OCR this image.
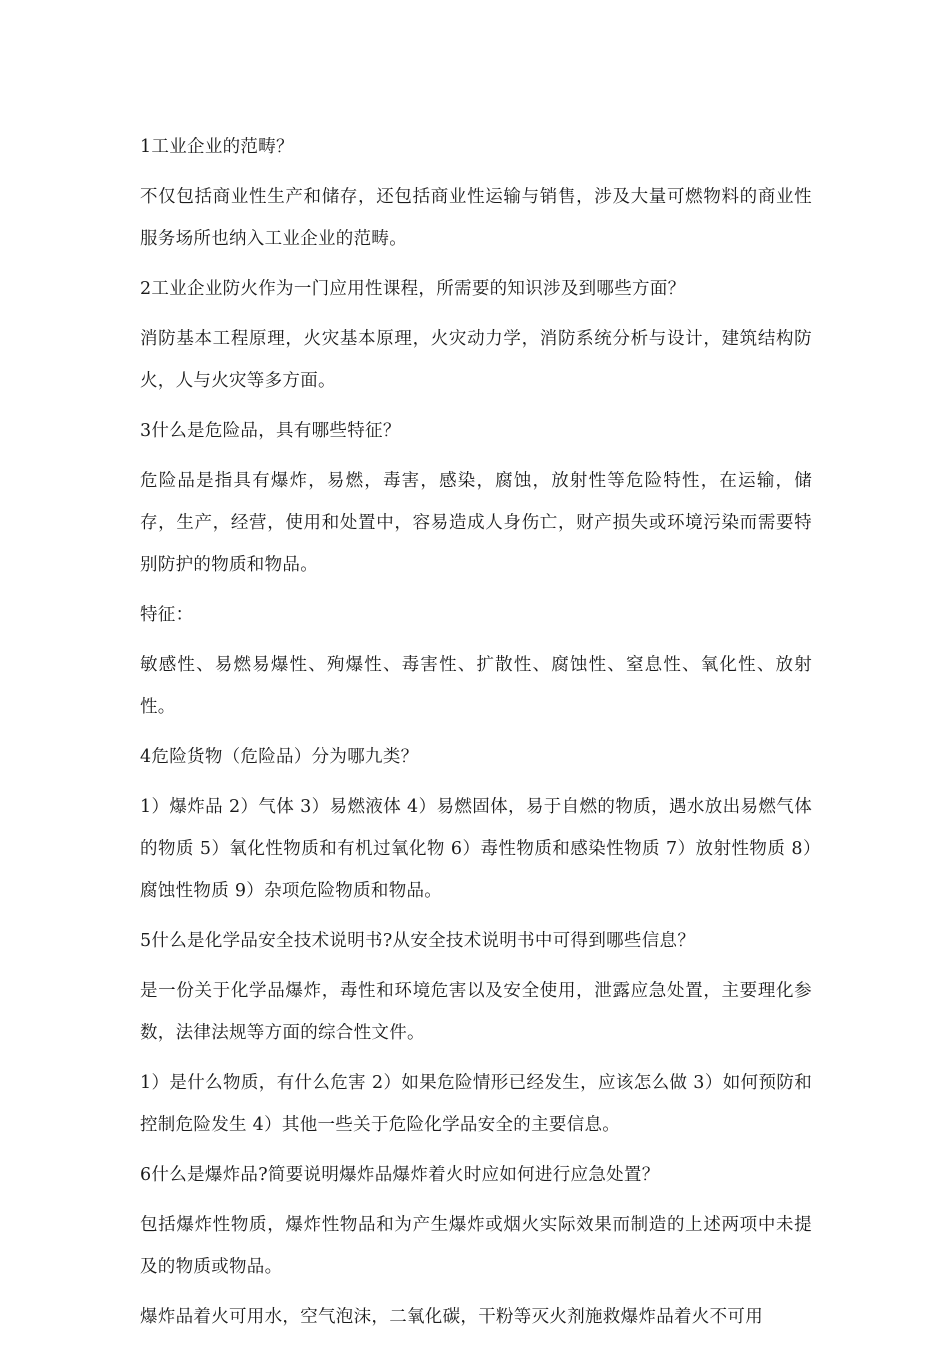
1工业企业的范畴？

不仅包括商业性生产和储存，还包括商业性运输与销售，涉及大量可燃物料的商业性服务场所也纳入工业企业的范畴。

2工业企业防火作为一门应用性课程，所需要的知识涉及到哪些方面？

消防基本工程原理，火灾基本原理，火灾动力学，消防系统分析与设计，建筑结构防火，人与火灾等多方面。

3什么是危险品，具有哪些特征？

危险品是指具有爆炸，易燃，毒害，感染，腐蚀，放射性等危险特性，在运输，储存，生产，经营，使用和处置中，容易造成人身伤亡，财产损失或环境污染而需要特别防护的物质和物品。

特征：

敏感性、易燃易爆性、殉爆性、毒害性、扩散性、腐蚀性、窒息性、氧化性、放射性。

4危险货物（危险品）分为哪九类？

1）爆炸品 2）气体 3）易燃液体 4）易燃固体，易于自燃的物质，遇水放出易燃气体的物质 5）氧化性物质和有机过氧化物 6）毒性物质和感染性物质 7）放射性物质 8）腐蚀性物质 9）杂项危险物质和物品。

5什么是化学品安全技术说明书?从安全技术说明书中可得到哪些信息？

是一份关于化学品爆炸，毒性和环境危害以及安全使用，泄露应急处置，主要理化参数，法律法规等方面的综合性文件。

1）是什么物质，有什么危害 2）如果危险情形已经发生，应该怎么做 3）如何预防和控制危险发生 4）其他一些关于危险化学品安全的主要信息。

6什么是爆炸品?简要说明爆炸品爆炸着火时应如何进行应急处置？

包括爆炸性物质，爆炸性物品和为产生爆炸或烟火实际效果而制造的上述两项中未提及的物质或物品。

爆炸品着火可用水，空气泡沫，二氧化碳，干粉等灭火剂施救爆炸品着火不可用
